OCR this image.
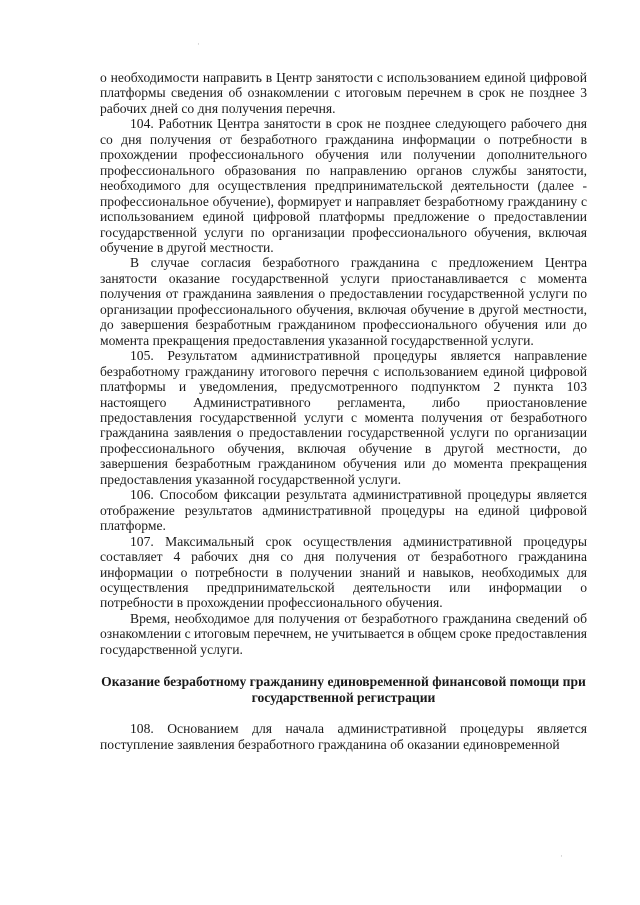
·
·

о необходимости направить в Центр занятости с использованием единой цифровой платформы сведения об ознакомлении с итоговым перечнем в срок не позднее 3 рабочих дней со дня получения перечня.

104. Работник Центра занятости в срок не позднее следующего рабочего дня со дня получения от безработного гражданина информации о потребности в прохождении профессионального обучения или получении дополнительного профессионального образования по направлению органов службы занятости, необходимого для осуществления предпринимательской деятельности (далее - профессиональное обучение), формирует и направляет безработному гражданину с использованием единой цифровой платформы предложение о предоставлении государственной услуги по организации профессионального обучения, включая обучение в другой местности.

В случае согласия безработного гражданина с предложением Центра занятости оказание государственной услуги приостанавливается с момента получения от гражданина заявления о предоставлении государственной услуги по организации профессионального обучения, включая обучение в другой местности, до завершения безработным гражданином профессионального обучения или до момента прекращения предоставления указанной государственной услуги.

105. Результатом административной процедуры является направление безработному гражданину итогового перечня с использованием единой цифровой платформы и уведомления, предусмотренного подпунктом 2 пункта 103 настоящего Административного регламента, либо приостановление предоставления государственной услуги с момента получения от безработного гражданина заявления о предоставлении государственной услуги по организации профессионального обучения, включая обучение в другой местности, до завершения безработным гражданином обучения или до момента прекращения предоставления указанной государственной услуги.

106. Способом фиксации результата административной процедуры является отображение результатов административной процедуры на единой цифровой платформе.

107. Максимальный срок осуществления административной процедуры составляет 4 рабочих дня со дня получения от безработного гражданина информации о потребности в получении знаний и навыков, необходимых для осуществления предпринимательской деятельности или информации о потребности в прохождении профессионального обучения.

Время, необходимое для получения от безработного гражданина сведений об ознакомлении с итоговым перечнем, не учитывается в общем сроке предоставления государственной услуги.

Оказание безработному гражданину единовременной финансовой помощи при государственной регистрации

108. Основанием для начала административной процедуры является поступление заявления безработного гражданина об оказании единовременной
